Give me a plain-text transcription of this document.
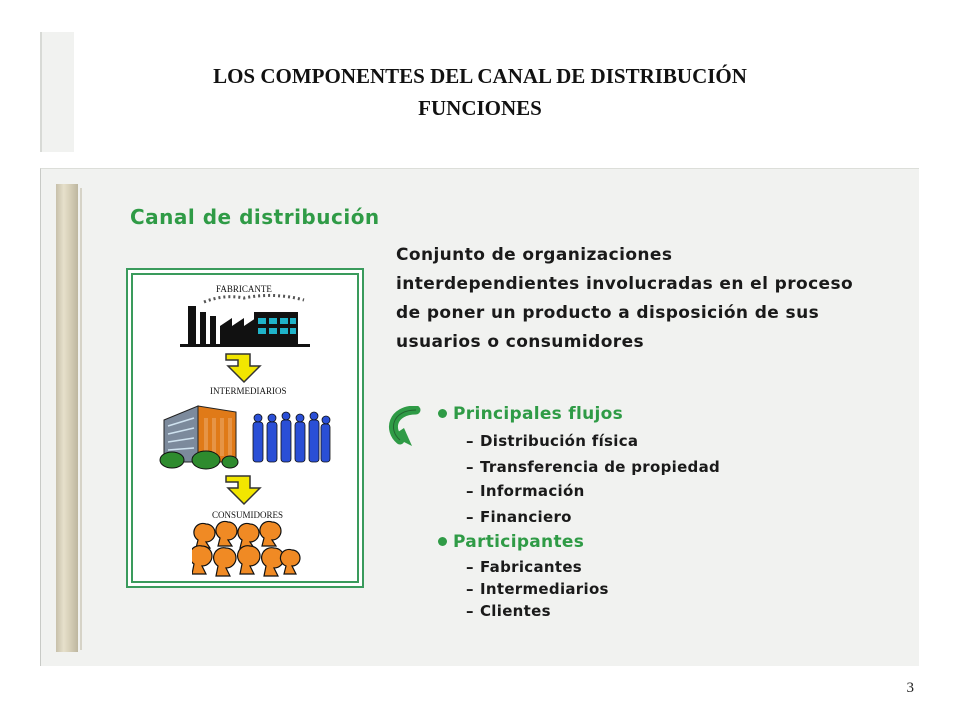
LOS COMPONENTES DEL CANAL DE DISTRIBUCIÓN
FUNCIONES
Canal de distribución
Conjunto de organizaciones interdependientes involucradas en el proceso de poner un producto a disposición de sus usuarios o consumidores
FABRICANTE
INTERMEDIARIOS
CONSUMIDORES
Principales flujos
– Distribución física
– Transferencia de propiedad
– Información
– Financiero
Participantes
– Fabricantes
– Intermediarios
– Clientes
3
